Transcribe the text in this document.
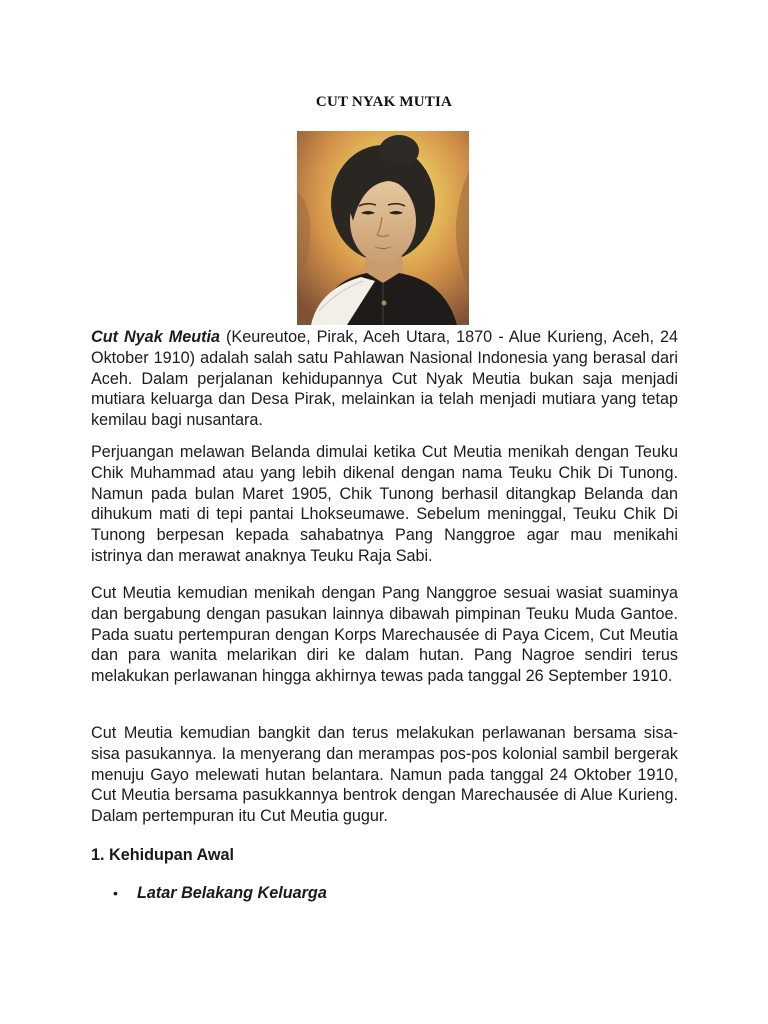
CUT NYAK MUTIA

Cut Nyak Meutia (Keureutoe, Pirak, Aceh Utara, 1870 - Alue Kurieng, Aceh, 24 Oktober 1910) adalah salah satu Pahlawan Nasional Indonesia yang berasal dari Aceh. Dalam perjalanan kehidupannya Cut Nyak Meutia bukan saja menjadi mutiara keluarga dan Desa Pirak, melainkan ia telah menjadi mutiara yang tetap kemilau bagi nusantara.

Perjuangan melawan Belanda dimulai ketika Cut Meutia menikah dengan Teuku Chik Muhammad atau yang lebih dikenal dengan nama Teuku Chik Di Tunong. Namun pada bulan Maret 1905, Chik Tunong berhasil ditangkap Belanda dan dihukum mati di tepi pantai Lhokseumawe. Sebelum meninggal, Teuku Chik Di Tunong berpesan kepada sahabatnya Pang Nanggroe agar mau menikahi istrinya dan merawat anaknya Teuku Raja Sabi.

Cut Meutia kemudian menikah dengan Pang Nanggroe sesuai wasiat suaminya dan bergabung dengan pasukan lainnya dibawah pimpinan Teuku Muda Gantoe. Pada suatu pertempuran dengan Korps Marechausée di Paya Cicem, Cut Meutia dan para wanita melarikan diri ke dalam hutan. Pang Nagroe sendiri terus melakukan perlawanan hingga akhirnya tewas pada tanggal 26 September 1910.

Cut Meutia kemudian bangkit dan terus melakukan perlawanan bersama sisa-sisa pasukannya. Ia menyerang dan merampas pos-pos kolonial sambil bergerak menuju Gayo melewati hutan belantara. Namun pada tanggal 24 Oktober 1910, Cut Meutia bersama pasukkannya bentrok dengan Marechausée di Alue Kurieng. Dalam pertempuran itu Cut Meutia gugur.

1. Kehidupan Awal
•	Latar Belakang Keluarga
